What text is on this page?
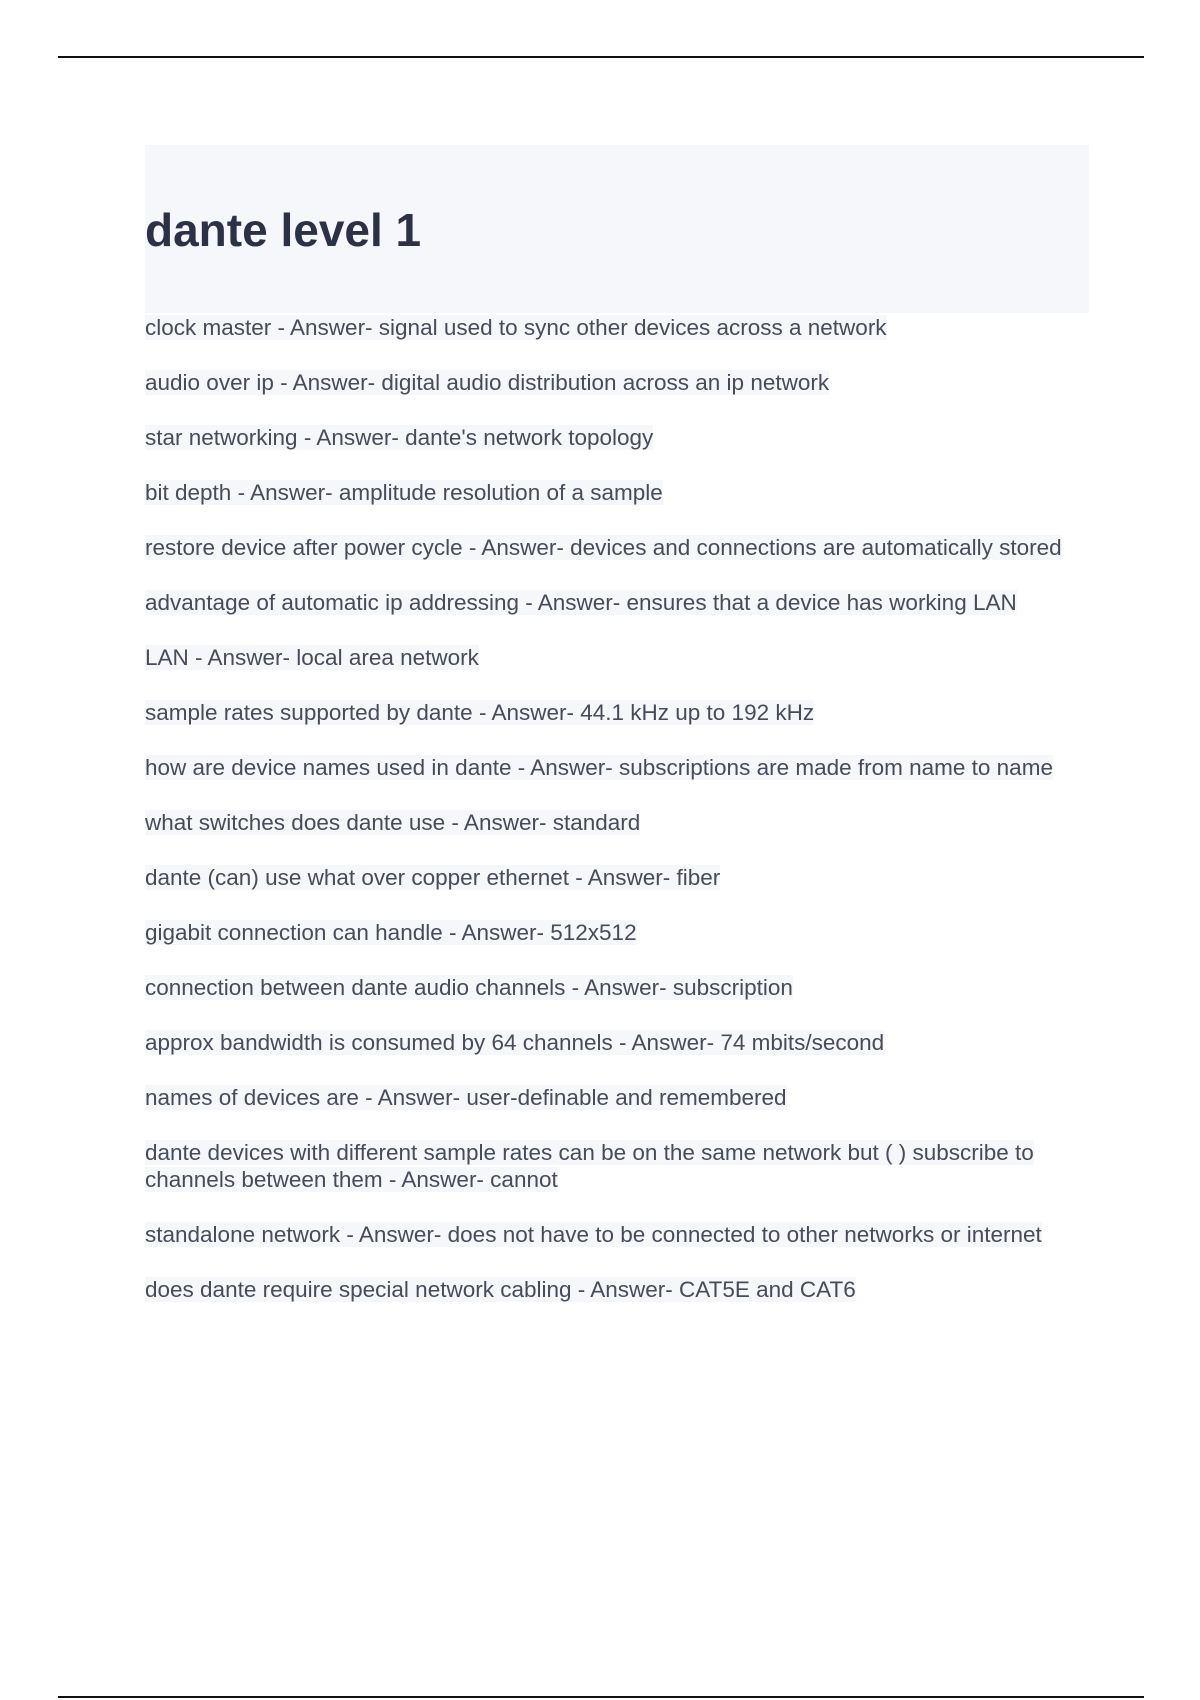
dante level 1
clock master - Answer- signal used to sync other devices across a network
audio over ip - Answer- digital audio distribution across an ip network
star networking - Answer- dante's network topology
bit depth - Answer- amplitude resolution of a sample
restore device after power cycle - Answer- devices and connections are automatically stored
advantage of automatic ip addressing - Answer- ensures that a device has working LAN
LAN - Answer- local area network
sample rates supported by dante - Answer- 44.1 kHz up to 192 kHz
how are device names used in dante - Answer- subscriptions are made from name to name
what switches does dante use - Answer- standard
dante (can) use what over copper ethernet - Answer- fiber
gigabit connection can handle - Answer- 512x512
connection between dante audio channels - Answer- subscription
approx bandwidth is consumed by 64 channels - Answer- 74 mbits/second
names of devices are - Answer- user-definable and remembered
dante devices with different sample rates can be on the same network but ( ) subscribe to channels between them - Answer- cannot
standalone network - Answer- does not have to be connected to other networks or internet
does dante require special network cabling - Answer- CAT5E and CAT6
